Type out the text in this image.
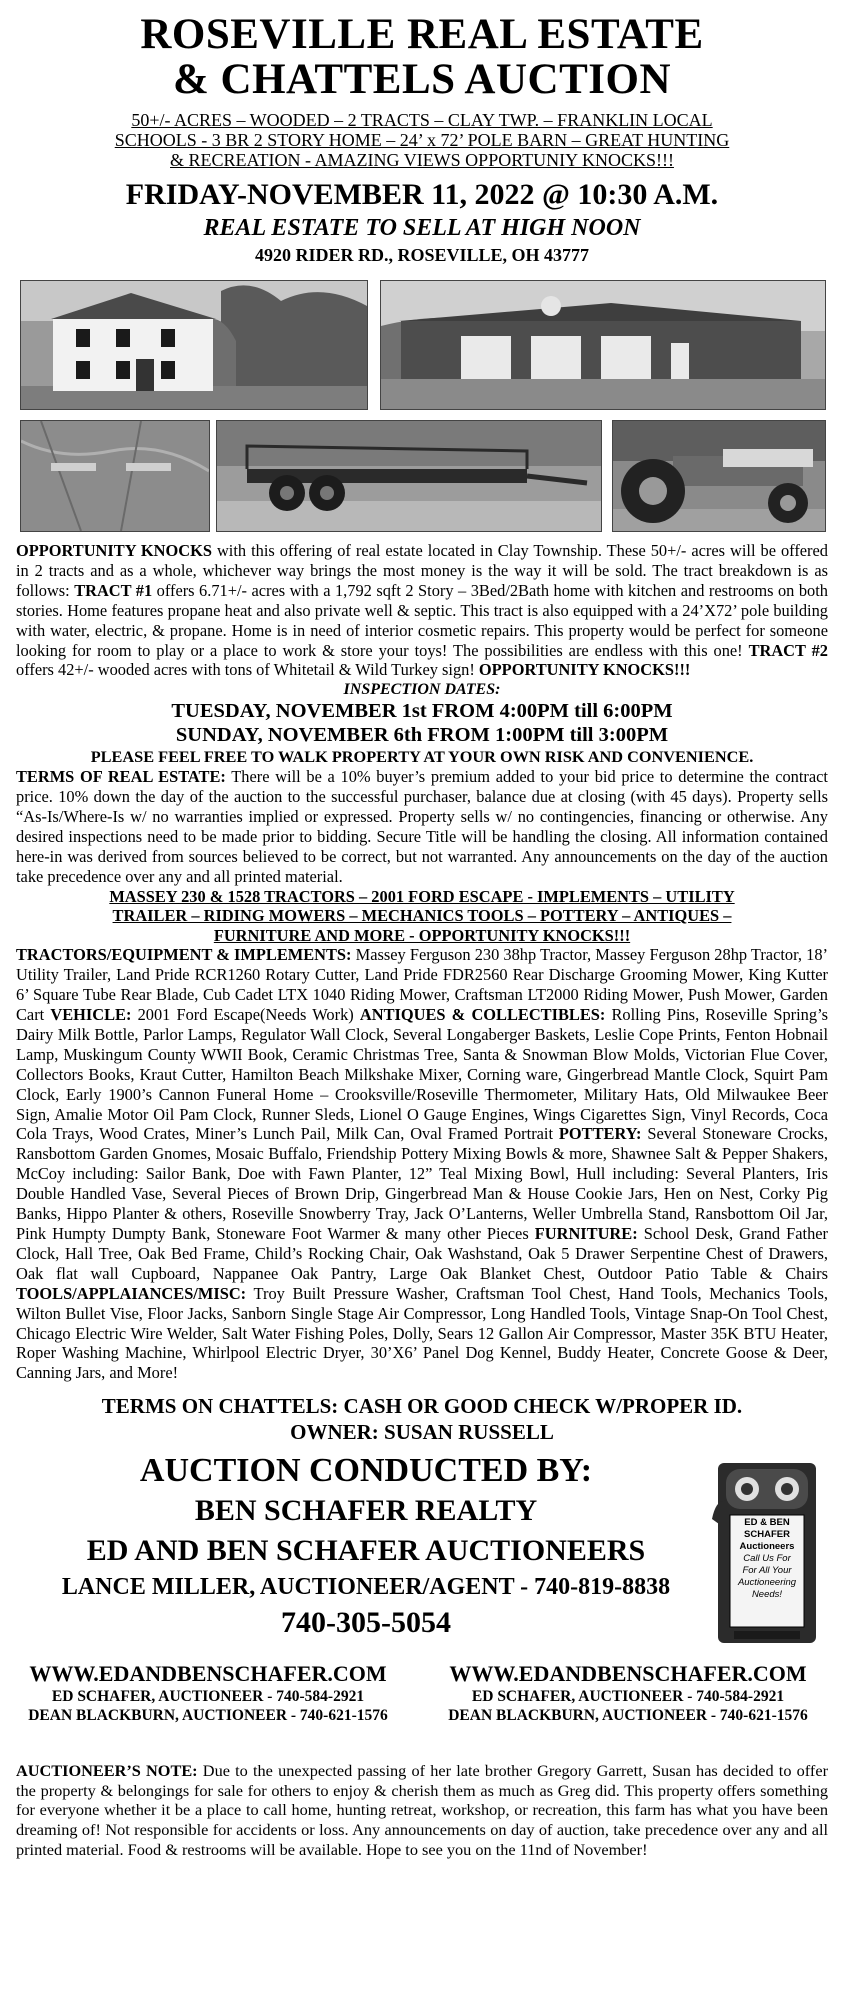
ROSEVILLE REAL ESTATE
& CHATTELS AUCTION
50+/- ACRES – WOODED – 2 TRACTS – CLAY TWP. – FRANKLIN LOCAL
SCHOOLS - 3 BR 2 STORY HOME – 24’ x 72’ POLE BARN – GREAT HUNTING
& RECREATION - AMAZING VIEWS OPPORTUNIY KNOCKS!!!
FRIDAY-NOVEMBER 11, 2022 @ 10:30 A.M.
REAL ESTATE TO SELL AT HIGH NOON
4920 RIDER RD., ROSEVILLE, OH 43777
OPPORTUNITY KNOCKS with this offering of real estate located in Clay Township. These 50+/- acres will be offered in 2 tracts and as a whole, whichever way brings the most money is the way it will be sold. The tract breakdown is as follows: TRACT #1 offers 6.71+/- acres with a 1,792 sqft 2 Story – 3Bed/2Bath home with kitchen and restrooms on both stories. Home features propane heat and also private well & septic. This tract is also equipped with a 24’X72’ pole building with water, electric, & propane. Home is in need of interior cosmetic repairs. This property would be perfect for someone looking for room to play or a place to work & store your toys! The possibilities are endless with this one! TRACT #2 offers 42+/- wooded acres with tons of Whitetail & Wild Turkey sign! OPPORTUNITY KNOCKS!!!
INSPECTION DATES:
TUESDAY, NOVEMBER 1st FROM 4:00PM till 6:00PM
SUNDAY, NOVEMBER 6th FROM 1:00PM till 3:00PM
PLEASE FEEL FREE TO WALK PROPERTY AT YOUR OWN RISK AND CONVENIENCE.
TERMS OF REAL ESTATE: There will be a 10% buyer’s premium added to your bid price to determine the contract price. 10% down the day of the auction to the successful purchaser, balance due at closing (with 45 days). Property sells “As-Is/Where-Is w/ no warranties implied or expressed. Property sells w/ no contingencies, financing or otherwise. Any desired inspections need to be made prior to bidding. Secure Title will be handling the closing. All information contained here-in was derived from sources believed to be correct, but not warranted. Any announcements on the day of the auction take precedence over any and all printed material.
MASSEY 230 & 1528 TRACTORS – 2001 FORD ESCAPE - IMPLEMENTS – UTILITY
TRAILER – RIDING MOWERS – MECHANICS TOOLS – POTTERY – ANTIQUES –
FURNITURE AND MORE - OPPORTUNITY KNOCKS!!!
TRACTORS/EQUIPMENT & IMPLEMENTS: Massey Ferguson 230 38hp Tractor, Massey Ferguson 28hp Tractor, 18’ Utility Trailer, Land Pride RCR1260 Rotary Cutter, Land Pride FDR2560 Rear Discharge Grooming Mower, King Kutter 6’ Square Tube Rear Blade, Cub Cadet LTX 1040 Riding Mower, Craftsman LT2000 Riding Mower, Push Mower, Garden Cart VEHICLE: 2001 Ford Escape(Needs Work) ANTIQUES & COLLECTIBLES: Rolling Pins, Roseville Spring’s Dairy Milk Bottle, Parlor Lamps, Regulator Wall Clock, Several Longaberger Baskets, Leslie Cope Prints, Fenton Hobnail Lamp, Muskingum County WWII Book, Ceramic Christmas Tree, Santa & Snowman Blow Molds, Victorian Flue Cover, Collectors Books, Kraut Cutter, Hamilton Beach Milkshake Mixer, Corning ware, Gingerbread Mantle Clock, Squirt Pam Clock, Early 1900’s Cannon Funeral Home – Crooksville/Roseville Thermometer, Military Hats, Old Milwaukee Beer Sign, Amalie Motor Oil Pam Clock, Runner Sleds, Lionel O Gauge Engines, Wings Cigarettes Sign, Vinyl Records, Coca Cola Trays, Wood Crates, Miner’s Lunch Pail, Milk Can, Oval Framed Portrait POTTERY: Several Stoneware Crocks, Ransbottom Garden Gnomes, Mosaic Buffalo, Friendship Pottery Mixing Bowls & more, Shawnee Salt & Pepper Shakers, McCoy including: Sailor Bank, Doe with Fawn Planter, 12” Teal Mixing Bowl, Hull including: Several Planters, Iris Double Handled Vase, Several Pieces of Brown Drip, Gingerbread Man & House Cookie Jars, Hen on Nest, Corky Pig Banks, Hippo Planter & others, Roseville Snowberry Tray, Jack O’Lanterns, Weller Umbrella Stand, Ransbottom Oil Jar, Pink Humpty Dumpty Bank, Stoneware Foot Warmer & many other Pieces FURNITURE: School Desk, Grand Father Clock, Hall Tree, Oak Bed Frame, Child’s Rocking Chair, Oak Washstand, Oak 5 Drawer Serpentine Chest of Drawers, Oak flat wall Cupboard, Nappanee Oak Pantry, Large Oak Blanket Chest, Outdoor Patio Table & Chairs TOOLS/APPLAIANCES/MISC: Troy Built Pressure Washer, Craftsman Tool Chest, Hand Tools, Mechanics Tools, Wilton Bullet Vise, Floor Jacks, Sanborn Single Stage Air Compressor, Long Handled Tools, Vintage Snap-On Tool Chest, Chicago Electric Wire Welder, Salt Water Fishing Poles, Dolly, Sears 12 Gallon Air Compressor, Master 35K BTU Heater, Roper Washing Machine, Whirlpool Electric Dryer, 30’X6’ Panel Dog Kennel, Buddy Heater, Concrete Goose & Deer, Canning Jars, and More!
TERMS ON CHATTELS: CASH OR GOOD CHECK W/PROPER ID.
OWNER: SUSAN RUSSELL
AUCTION CONDUCTED BY:
BEN SCHAFER REALTY
ED AND BEN SCHAFER AUCTIONEERS
LANCE MILLER, AUCTIONEER/AGENT - 740-819-8838
740-305-5054
ED & BEN
SCHAFER
Auctioneers
Call Us For
For All Your
Auctioneering
Needs!
WWW.EDANDBENSCHAFER.COM
ED SCHAFER, AUCTIONEER - 740-584-2921
DEAN BLACKBURN, AUCTIONEER - 740-621-1576
WWW.EDANDBENSCHAFER.COM
ED SCHAFER, AUCTIONEER - 740-584-2921
DEAN BLACKBURN, AUCTIONEER - 740-621-1576
AUCTIONEER’S NOTE: Due to the unexpected passing of her late brother Gregory Garrett, Susan has decided to offer the property & belongings for sale for others to enjoy & cherish them as much as Greg did. This property offers something for everyone whether it be a place to call home, hunting retreat, workshop, or recreation, this farm has what you have been dreaming of! Not responsible for accidents or loss. Any announcements on day of auction, take precedence over any and all printed material. Food & restrooms will be available. Hope to see you on the 11nd of November!
